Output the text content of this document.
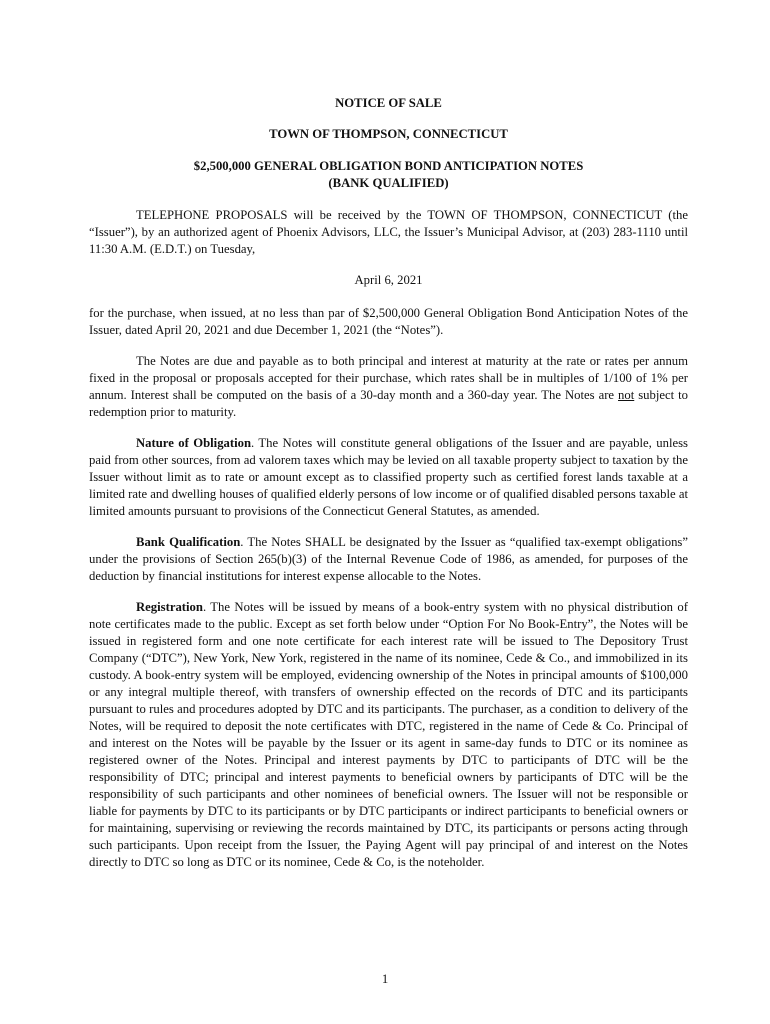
NOTICE OF SALE

TOWN OF THOMPSON, CONNECTICUT

$2,500,000 GENERAL OBLIGATION BOND ANTICIPATION NOTES

(BANK QUALIFIED)

TELEPHONE PROPOSALS will be received by the TOWN OF THOMPSON, CONNECTICUT (the “Issuer”), by an authorized agent of Phoenix Advisors, LLC, the Issuer’s Municipal Advisor, at (203) 283-1110 until 11:30 A.M. (E.D.T.) on Tuesday,

April 6, 2021

for the purchase, when issued, at no less than par of $2,500,000 General Obligation Bond Anticipation Notes of the Issuer, dated April 20, 2021 and due December 1, 2021 (the “Notes”).

The Notes are due and payable as to both principal and interest at maturity at the rate or rates per annum fixed in the proposal or proposals accepted for their purchase, which rates shall be in multiples of 1/100 of 1% per annum. Interest shall be computed on the basis of a 30-day month and a 360-day year. The Notes are not subject to redemption prior to maturity.

Nature of Obligation. The Notes will constitute general obligations of the Issuer and are payable, unless paid from other sources, from ad valorem taxes which may be levied on all taxable property subject to taxation by the Issuer without limit as to rate or amount except as to classified property such as certified forest lands taxable at a limited rate and dwelling houses of qualified elderly persons of low income or of qualified disabled persons taxable at limited amounts pursuant to provisions of the Connecticut General Statutes, as amended.

Bank Qualification. The Notes SHALL be designated by the Issuer as “qualified tax-exempt obligations” under the provisions of Section 265(b)(3) of the Internal Revenue Code of 1986, as amended, for purposes of the deduction by financial institutions for interest expense allocable to the Notes.

Registration. The Notes will be issued by means of a book-entry system with no physical distribution of note certificates made to the public. Except as set forth below under “Option For No Book-Entry”, the Notes will be issued in registered form and one note certificate for each interest rate will be issued to The Depository Trust Company (“DTC”), New York, New York, registered in the name of its nominee, Cede & Co., and immobilized in its custody. A book-entry system will be employed, evidencing ownership of the Notes in principal amounts of $100,000 or any integral multiple thereof, with transfers of ownership effected on the records of DTC and its participants pursuant to rules and procedures adopted by DTC and its participants. The purchaser, as a condition to delivery of the Notes, will be required to deposit the note certificates with DTC, registered in the name of Cede & Co. Principal of and interest on the Notes will be payable by the Issuer or its agent in same-day funds to DTC or its nominee as registered owner of the Notes. Principal and interest payments by DTC to participants of DTC will be the responsibility of DTC; principal and interest payments to beneficial owners by participants of DTC will be the responsibility of such participants and other nominees of beneficial owners. The Issuer will not be responsible or liable for payments by DTC to its participants or by DTC participants or indirect participants to beneficial owners or for maintaining, supervising or reviewing the records maintained by DTC, its participants or persons acting through such participants. Upon receipt from the Issuer, the Paying Agent will pay principal of and interest on the Notes directly to DTC so long as DTC or its nominee, Cede & Co, is the noteholder.

1
